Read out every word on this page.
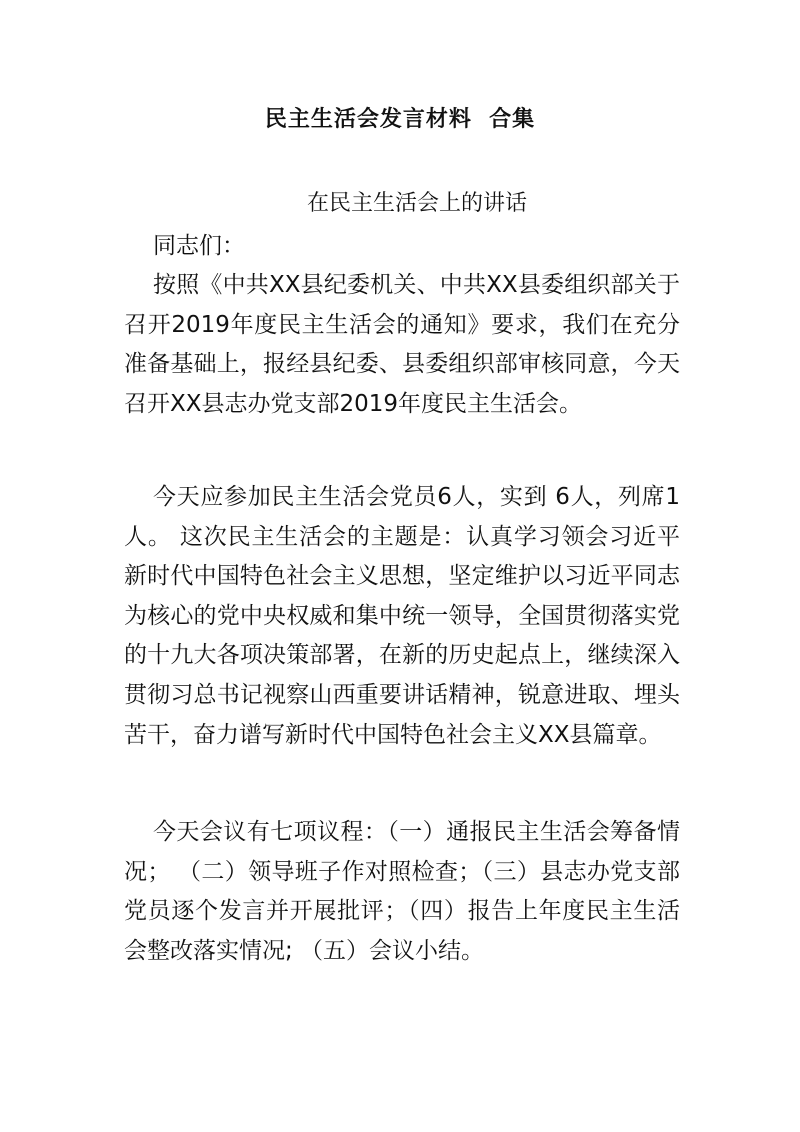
民主生活会发言材料  合集
在民主生活会上的讲话
同志们：
按照《中共XX县纪委机关、中共XX县委组织部关于召开2019年度民主生活会的通知》要求，我们在充分准备基础上，报经县纪委、县委组织部审核同意，今天召开XX县志办党支部2019年度民主生活会。
今天应参加民主生活会党员6人，实到 6人，列席1人。 这次民主生活会的主题是：认真学习领会习近平新时代中国特色社会主义思想，坚定维护以习近平同志为核心的党中央权威和集中统一领导，全国贯彻落实党的十九大各项决策部署，在新的历史起点上，继续深入贯彻习总书记视察山西重要讲话精神，锐意进取、埋头苦干，奋力谱写新时代中国特色社会主义XX县篇章。
今天会议有七项议程：（一）通报民主生活会筹备情况； （二）领导班子作对照检查；（三）县志办党支部党员逐个发言并开展批评；（四）报告上年度民主生活会整改落实情况; （五）会议小结。
